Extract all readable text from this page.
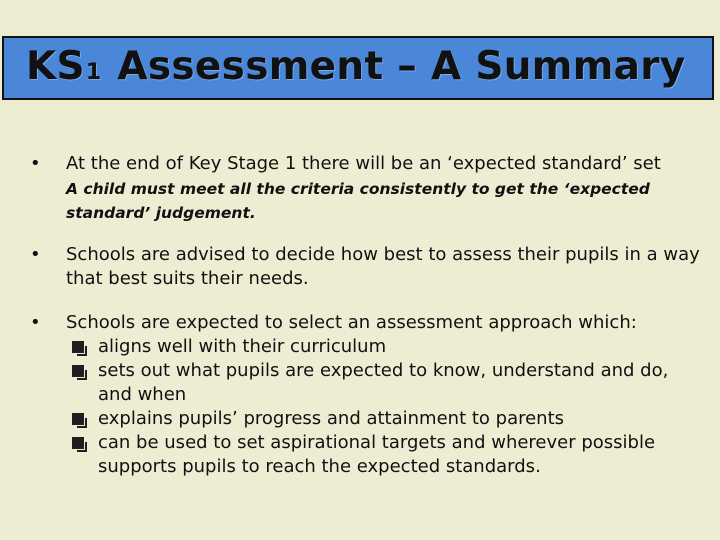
KS1 Assessment – A Summary
•	At the end of Key Stage 1 there will be an ‘expected standard’ set
A child must meet all the criteria consistently to get the ‘expected standard’ judgement.
•	Schools are advised to decide how best to assess their pupils in a way that best suits their needs.
•	Schools are expected to select an assessment approach which:
aligns well with their curriculum
sets out what pupils are expected to know, understand and do, and when
explains pupils’ progress and attainment to parents
can be used to set aspirational targets and wherever possible supports pupils to reach the expected standards.
